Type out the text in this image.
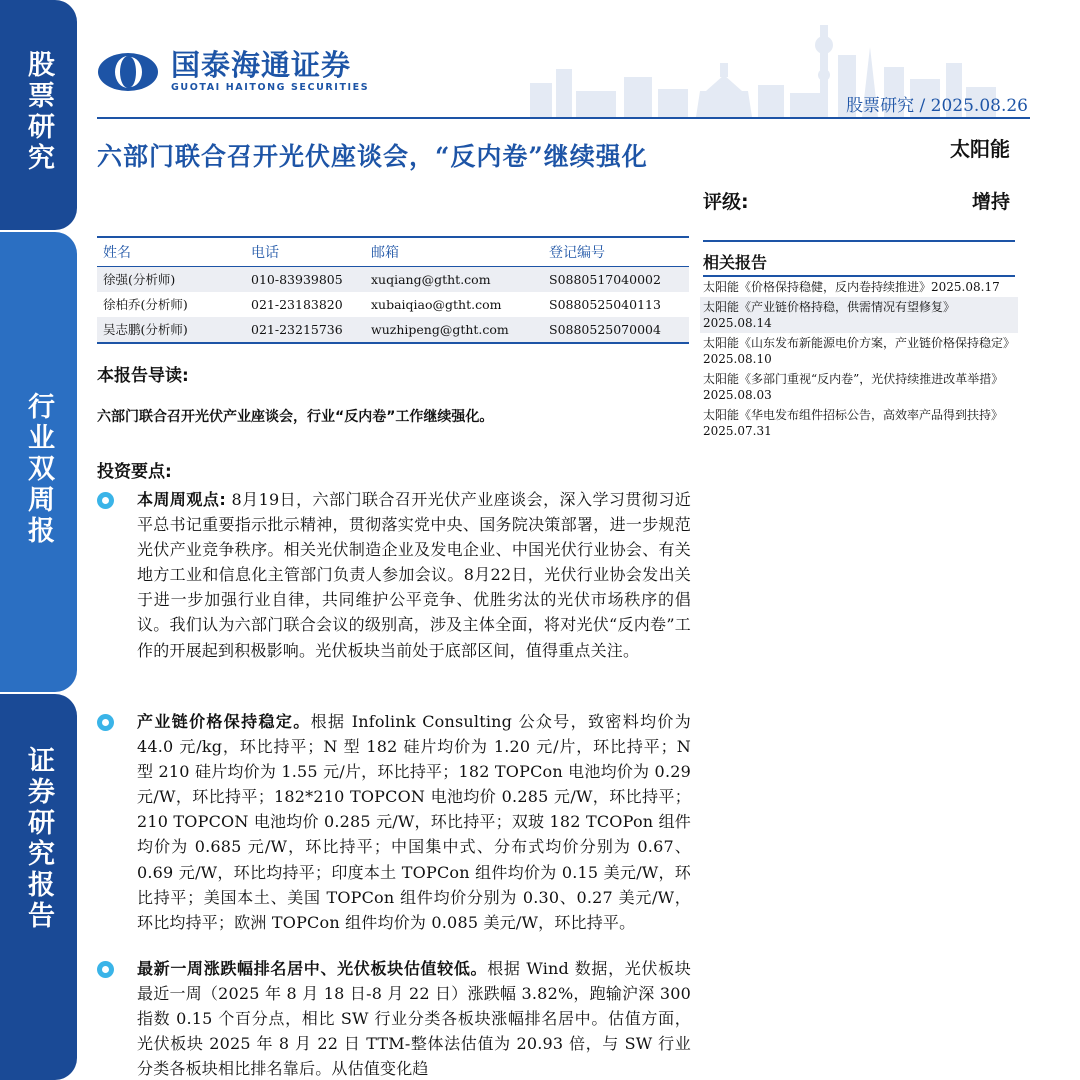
股票研究
行业双周报
证券研究报告
国泰海通证券
GUOTAI HAITONG SECURITIES
股票研究 / 2025.08.26
六部门联合召开光伏座谈会，“反内卷”继续强化	太阳能
评级:	增持
相关报告
太阳能《价格保持稳健，反内卷持续推进》2025.08.17
太阳能《产业链价格持稳，供需情况有望修复》2025.08.14
太阳能《山东发布新能源电价方案，产业链价格保持稳定》2025.08.10
太阳能《多部门重视“反内卷”，光伏持续推进改革举措》2025.08.03
太阳能《华电发布组件招标公告，高效率产品得到扶持》2025.07.31
姓名	电话	邮箱	登记编号
徐强(分析师)	010-83939805	xuqiang@gtht.com	S0880517040002
徐柏乔(分析师)	021-23183820	xubaiqiao@gtht.com	S0880525040113
吴志鹏(分析师)	021-23215736	wuzhipeng@gtht.com	S0880525070004
本报告导读:
六部门联合召开光伏产业座谈会，行业“反内卷”工作继续强化。
投资要点:

本周周观点: 8月19日，六部门联合召开光伏产业座谈会，深入学习贯彻习近平总书记重要指示批示精神，贯彻落实党中央、国务院决策部署，进一步规范光伏产业竞争秩序。相关光伏制造企业及发电企业、中国光伏行业协会、有关地方工业和信息化主管部门负责人参加会议。8月22日，光伏行业协会发出关于进一步加强行业自律，共同维护公平竞争、优胜劣汰的光伏市场秩序的倡议。我们认为六部门联合会议的级别高，涉及主体全面，将对光伏“反内卷”工作的开展起到积极影响。光伏板块当前处于底部区间，值得重点关注。

产业链价格保持稳定。根据 Infolink Consulting 公众号，致密料均价为 44.0 元/kg，环比持平；N 型 182 硅片均价为 1.20 元/片，环比持平；N 型 210 硅片均价为 1.55 元/片，环比持平；182 TOPCon 电池均价为 0.29 元/W，环比持平；182*210 TOPCON 电池均价 0.285 元/W，环比持平；210 TOPCON 电池均价 0.285 元/W，环比持平；双玻 182 TCOPon 组件均价为 0.685 元/W，环比持平；中国集中式、分布式均价分别为 0.67、0.69 元/W，环比均持平；印度本土 TOPCon 组件均价为 0.15 美元/W，环比持平；美国本土、美国 TOPCon 组件均价分别为 0.30、0.27 美元/W，环比均持平；欧洲 TOPCon 组件均价为 0.085 美元/W，环比持平。

最新一周涨跌幅排名居中、光伏板块估值较低。根据 Wind 数据，光伏板块最近一周（2025 年 8 月 18 日-8 月 22 日）涨跌幅 3.82%，跑输沪深 300 指数 0.15 个百分点，相比 SW 行业分类各板块涨幅排名居中。估值方面，光伏板块 2025 年 8 月 22 日 TTM-整体法估值为 20.93 倍，与 SW 行业分类各板块相比排名靠后。从估值变化趋
